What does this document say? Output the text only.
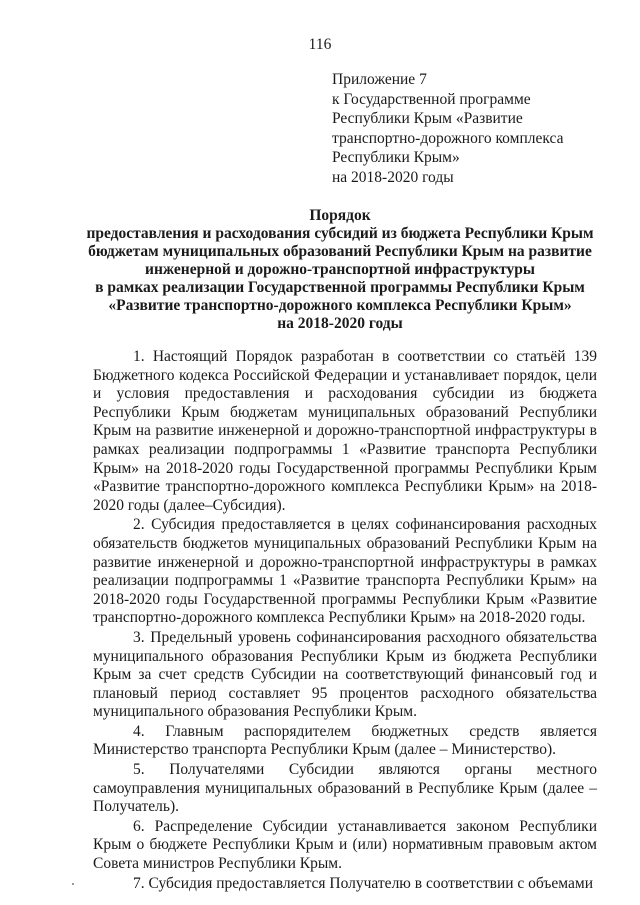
116
Приложение 7
к Государственной программе
Республики Крым «Развитие
транспортно-дорожного комплекса
Республики Крым»
на 2018-2020 годы
Порядок
предоставления и расходования субсидий из бюджета Республики Крым
бюджетам муниципальных образований Республики Крым на развитие
инженерной и дорожно-транспортной инфраструктуры
в рамках реализации Государственной программы Республики Крым
«Развитие транспортно-дорожного комплекса Республики Крым»
на 2018-2020 годы

1. Настоящий Порядок разработан в соответствии со статьёй 139 Бюджетного кодекса Российской Федерации и устанавливает порядок, цели и условия предоставления и расходования субсидии из бюджета Республики Крым бюджетам муниципальных образований Республики Крым на развитие инженерной и дорожно-транспортной инфраструктуры в рамках реализации подпрограммы 1 «Развитие транспорта Республики Крым» на 2018-2020 годы Государственной программы Республики Крым «Развитие транспортно-дорожного комплекса Республики Крым» на 2018-2020 годы (далее–Субсидия).

2. Субсидия предоставляется в целях софинансирования расходных обязательств бюджетов муниципальных образований Республики Крым на развитие инженерной и дорожно-транспортной инфраструктуры в рамках реализации подпрограммы 1 «Развитие транспорта Республики Крым» на 2018-2020 годы Государственной программы Республики Крым «Развитие транспортно-дорожного комплекса Республики Крым» на 2018-2020 годы.

3. Предельный уровень софинансирования расходного обязательства муниципального образования Республики Крым из бюджета Республики Крым за счет средств Субсидии на соответствующий финансовый год и плановый период составляет 95 процентов расходного обязательства муниципального образования Республики Крым.

4. Главным распорядителем бюджетных средств является Министерство транспорта Республики Крым (далее – Министерство).

5. Получателями Субсидии являются органы местного самоуправления муниципальных образований в Республике Крым (далее – Получатель).

6. Распределение Субсидии устанавливается законом Республики Крым о бюджете Республики Крым и (или) нормативным правовым актом Совета министров Республики Крым.

7. Субсидия предоставляется Получателю в соответствии с объемами
